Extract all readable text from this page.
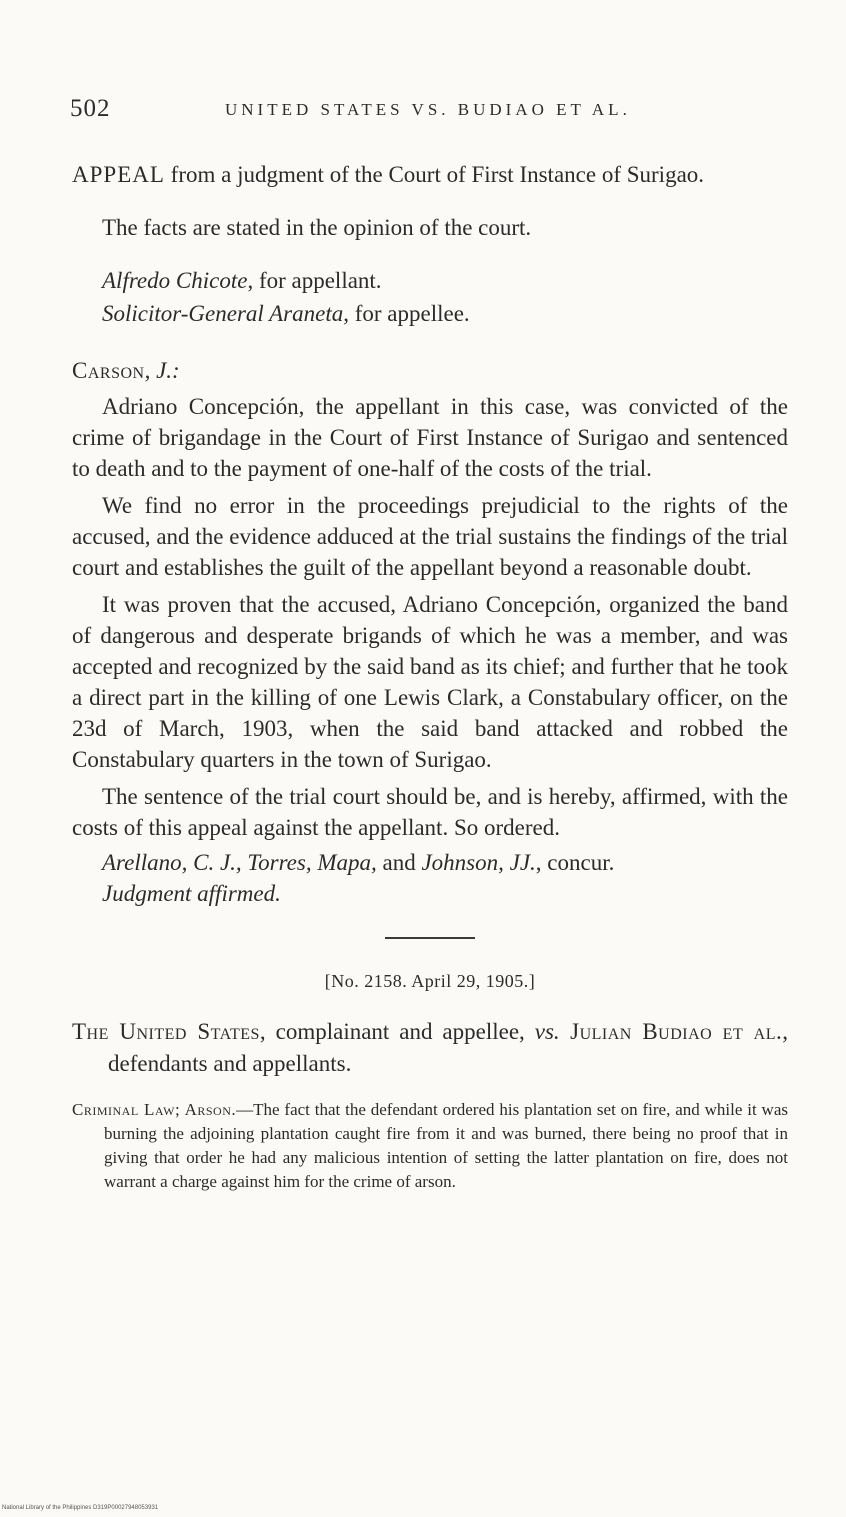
502	UNITED STATES VS. BUDIAO ET AL.

APPEAL from a judgment of the Court of First Instance of Surigao.

The facts are stated in the opinion of the court.

Alfredo Chicote, for appellant.

Solicitor-General Araneta, for appellee.

Carson, J.:

Adriano Concepción, the appellant in this case, was convicted of the crime of brigandage in the Court of First Instance of Surigao and sentenced to death and to the payment of one-half of the costs of the trial.

We find no error in the proceedings prejudicial to the rights of the accused, and the evidence adduced at the trial sustains the findings of the trial court and establishes the guilt of the appellant beyond a reasonable doubt.

It was proven that the accused, Adriano Concepción, organized the band of dangerous and desperate brigands of which he was a member, and was accepted and recognized by the said band as its chief; and further that he took a direct part in the killing of one Lewis Clark, a Constabulary officer, on the 23d of March, 1903, when the said band attacked and robbed the Constabulary quarters in the town of Surigao.

The sentence of the trial court should be, and is hereby, affirmed, with the costs of this appeal against the appellant. So ordered.

Arellano, C. J., Torres, Mapa, and Johnson, JJ., concur.

Judgment affirmed.

[No. 2158. April 29, 1905.]

The United States, complainant and appellee, vs. Julian Budiao et al., defendants and appellants.

Criminal Law; Arson.—The fact that the defendant ordered his plantation set on fire, and while it was burning the adjoining plantation caught fire from it and was burned, there being no proof that in giving that order he had any malicious intention of setting the latter plantation on fire, does not warrant a charge against him for the crime of arson.

National Library of the Philippines D319P00027948053931
